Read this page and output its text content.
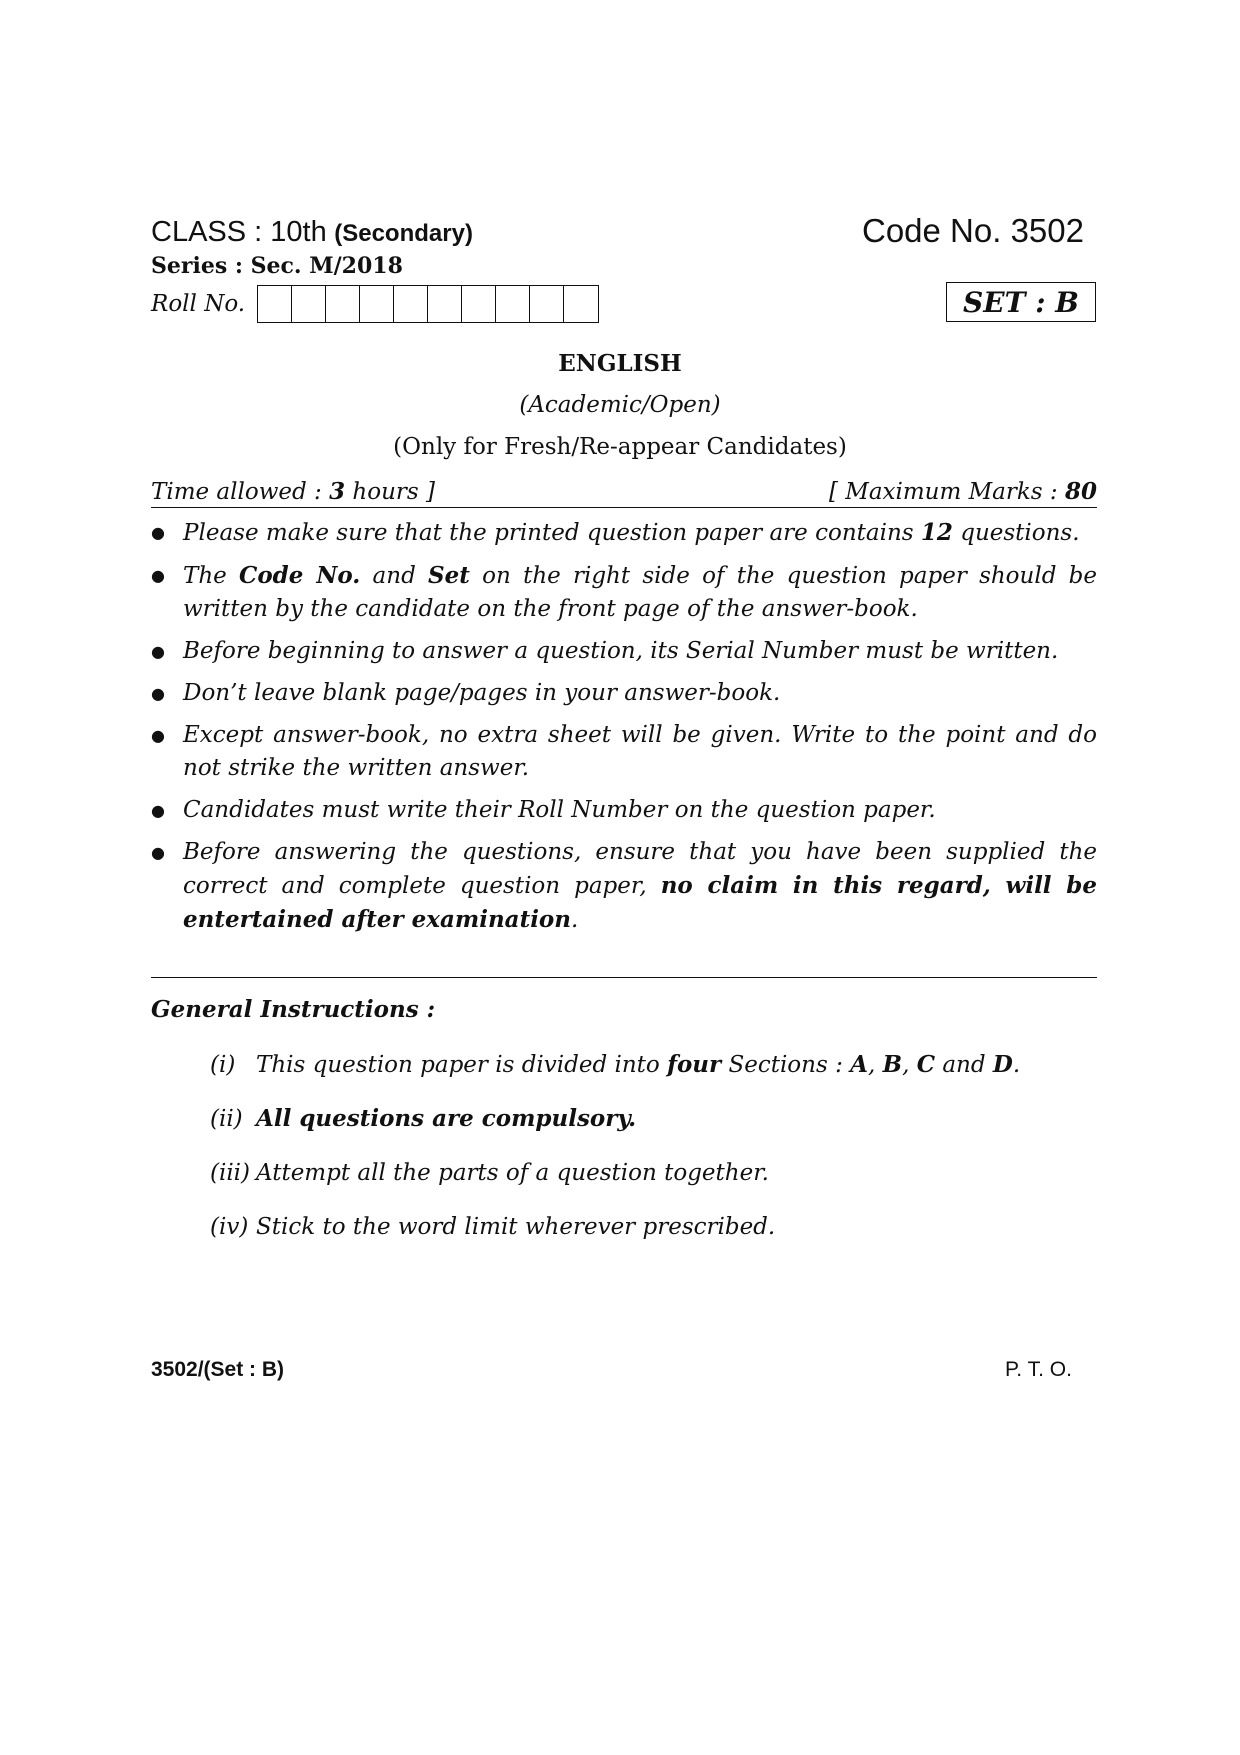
CLASS : 10th (Secondary)	Code No. 3502
Series : Sec. M/2018
Roll No.	SET : B
ENGLISH
(Academic/Open)
(Only for Fresh/Re-appear Candidates)
Time allowed : 3 hours ]	[ Maximum Marks : 80
● Please make sure that the printed question paper are contains 12 questions.
● The Code No. and Set on the right side of the question paper should be written by the candidate on the front page of the answer-book.
● Before beginning to answer a question, its Serial Number must be written.
● Don’t leave blank page/pages in your answer-book.
● Except answer-book, no extra sheet will be given. Write to the point and do not strike the written answer.
● Candidates must write their Roll Number on the question paper.
● Before answering the questions, ensure that you have been supplied the correct and complete question paper, no claim in this regard, will be entertained after examination.
General Instructions :
(i) This question paper is divided into four Sections : A, B, C and D.
(ii) All questions are compulsory.
(iii) Attempt all the parts of a question together.
(iv) Stick to the word limit wherever prescribed.
3502/(Set : B)	P. T. O.
